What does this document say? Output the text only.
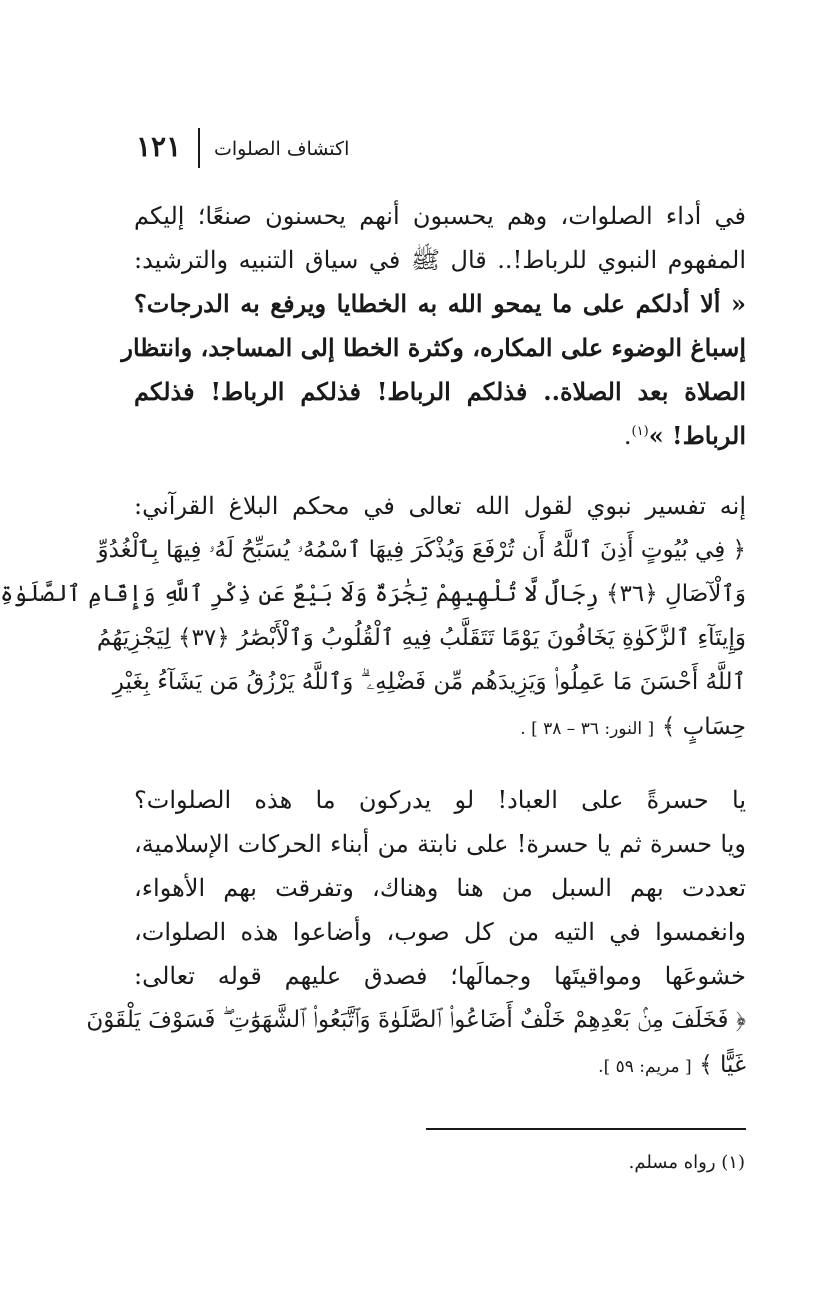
١٢١ اكتشاف الصلوات
في أداء الصلوات، وهم يحسبون أنهم يحسنون صنعًا؛ إليكم
المفهوم النبوي للرباط!.. قال ﷺ في سياق التنبيه والترشيد:
« ألا أدلكم على ما يمحو الله به الخطايا ويرفع به الدرجات؟
إسباغ الوضوء على المكاره، وكثرة الخطا إلى المساجد، وانتظار
الصلاة بعد الصلاة.. فذلكم الرباط! فذلكم الرباط! فذلكم
الرباط! »$^{(١)}$.
إنه تفسير نبوي لقول الله تعالى في محكم البلاغ القرآني:
﴿ فِي بُيُوتٍ أَذِنَ ٱللَّهُ أَن تُرْفَعَ وَيُذْكَرَ فِيهَا ٱسْمُهُۥ يُسَبِّحُ لَهُۥ فِيهَا بِٱلْغُدُوِّ
وَٱلْآصَالِ ﴿٣٦﴾ رِجَالٌ لَّا تُلْهِيهِمْ تِجَٰرَةٌ وَلَا بَيْعٌ عَن ذِكْرِ ٱللَّهِ وَإِقَامِ ٱلصَّلَوٰةِ
وَإِيتَآءِ ٱلزَّكَوٰةِ يَخَافُونَ يَوْمًا تَتَقَلَّبُ فِيهِ ٱلْقُلُوبُ وَٱلْأَبْصَٰرُ ﴿٣٧﴾ لِيَجْزِيَهُمُ
ٱللَّهُ أَحْسَنَ مَا عَمِلُوا۟ وَيَزِيدَهُم مِّن فَضْلِهِۦ ۗ وَٱللَّهُ يَرْزُقُ مَن يَشَآءُ بِغَيْرِ
حِسَابٍ ﴾ [ النور: ٣٦ – ٣٨ ] .
يا حسرةً على العباد! لو يدركون ما هذه الصلوات؟
ويا حسرة ثم يا حسرة! على نابتة من أبناء الحركات الإسلامية،
تعددت بهم السبل من هنا وهناك، وتفرقت بهم الأهواء،
وانغمسوا في التيه من كل صوب، وأضاعوا هذه الصلوات،
خشوعَها ومواقيتَها وجمالَها؛ فصدق عليهم قوله تعالى:
﴿ فَخَلَفَ مِنۢ بَعْدِهِمْ خَلْفٌ أَضَاعُوا۟ ٱلصَّلَوٰةَ وَٱتَّبَعُوا۟ ٱلشَّهَوَٰتِ ۖ فَسَوْفَ يَلْقَوْنَ
غَيًّا ﴾ [ مريم: ٥٩ ].
(١) رواه مسلم.
